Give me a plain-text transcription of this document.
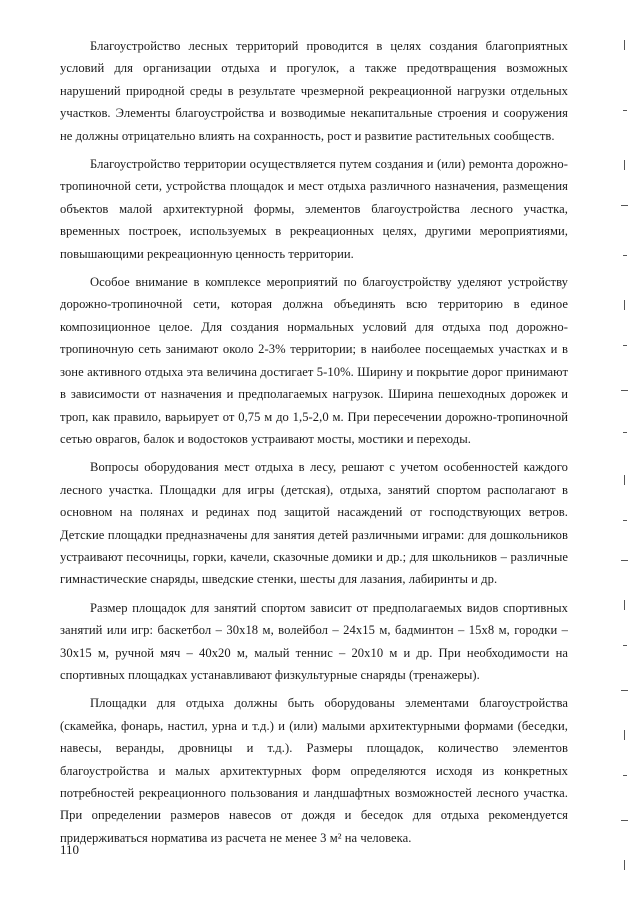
Благоустройство лесных территорий проводится в целях создания благоприятных условий для организации отдыха и прогулок, а также предотвращения возможных нарушений природной среды в результате чрезмерной рекреационной нагрузки отдельных участков. Элементы благоустройства и возводимые некапитальные строения и сооружения не должны отрицательно влиять на сохранность, рост и развитие растительных сообществ.

Благоустройство территории осуществляется путем создания и (или) ремонта дорожно-тропиночной сети, устройства площадок и мест отдыха различного назначения, размещения объектов малой архитектурной формы, элементов благоустройства лесного участка, временных построек, используемых в рекреационных целях, другими мероприятиями, повышающими рекреационную ценность территории.

Особое внимание в комплексе мероприятий по благоустройству уделяют устройству дорожно-тропиночной сети, которая должна объединять всю территорию в единое композиционное целое. Для создания нормальных условий для отдыха под дорожно-тропиночную сеть занимают около 2-3% территории; в наиболее посещаемых участках и в зоне активного отдыха эта величина достигает 5-10%. Ширину и покрытие дорог принимают в зависимости от назначения и предполагаемых нагрузок. Ширина пешеходных дорожек и троп, как правило, варьирует от 0,75 м до 1,5-2,0 м. При пересечении дорожно-тропиночной сетью оврагов, балок и водостоков устраивают мосты, мостики и переходы.

Вопросы оборудования мест отдыха в лесу, решают с учетом особенностей каждого лесного участка. Площадки для игры (детская), отдыха, занятий спортом располагают в основном на полянах и рединах под защитой насаждений от господствующих ветров. Детские площадки предназначены для занятия детей различными играми: для дошкольников устраивают песочницы, горки, качели, сказочные домики и др.; для школьников – различные гимнастические снаряды, шведские стенки, шесты для лазания, лабиринты и др.

Размер площадок для занятий спортом зависит от предполагаемых видов спортивных занятий или игр: баскетбол – 30х18 м, волейбол – 24х15 м, бадминтон – 15х8 м, городки – 30х15 м, ручной мяч – 40х20 м, малый теннис – 20х10 м и др. При необходимости на спортивных площадках устанавливают физкультурные снаряды (тренажеры).

Площадки для отдыха должны быть оборудованы элементами благоустройства (скамейка, фонарь, настил, урна и т.д.) и (или) малыми архитектурными формами (беседки, навесы, веранды, дровницы и т.д.). Размеры площадок, количество элементов благоустройства и малых архитектурных форм определяются исходя из конкретных потребностей рекреационного пользования и ландшафтных возможностей лесного участка. При определении размеров навесов от дождя и беседок для отдыха рекомендуется придерживаться норматива из расчета не менее 3 м² на человека.

110
